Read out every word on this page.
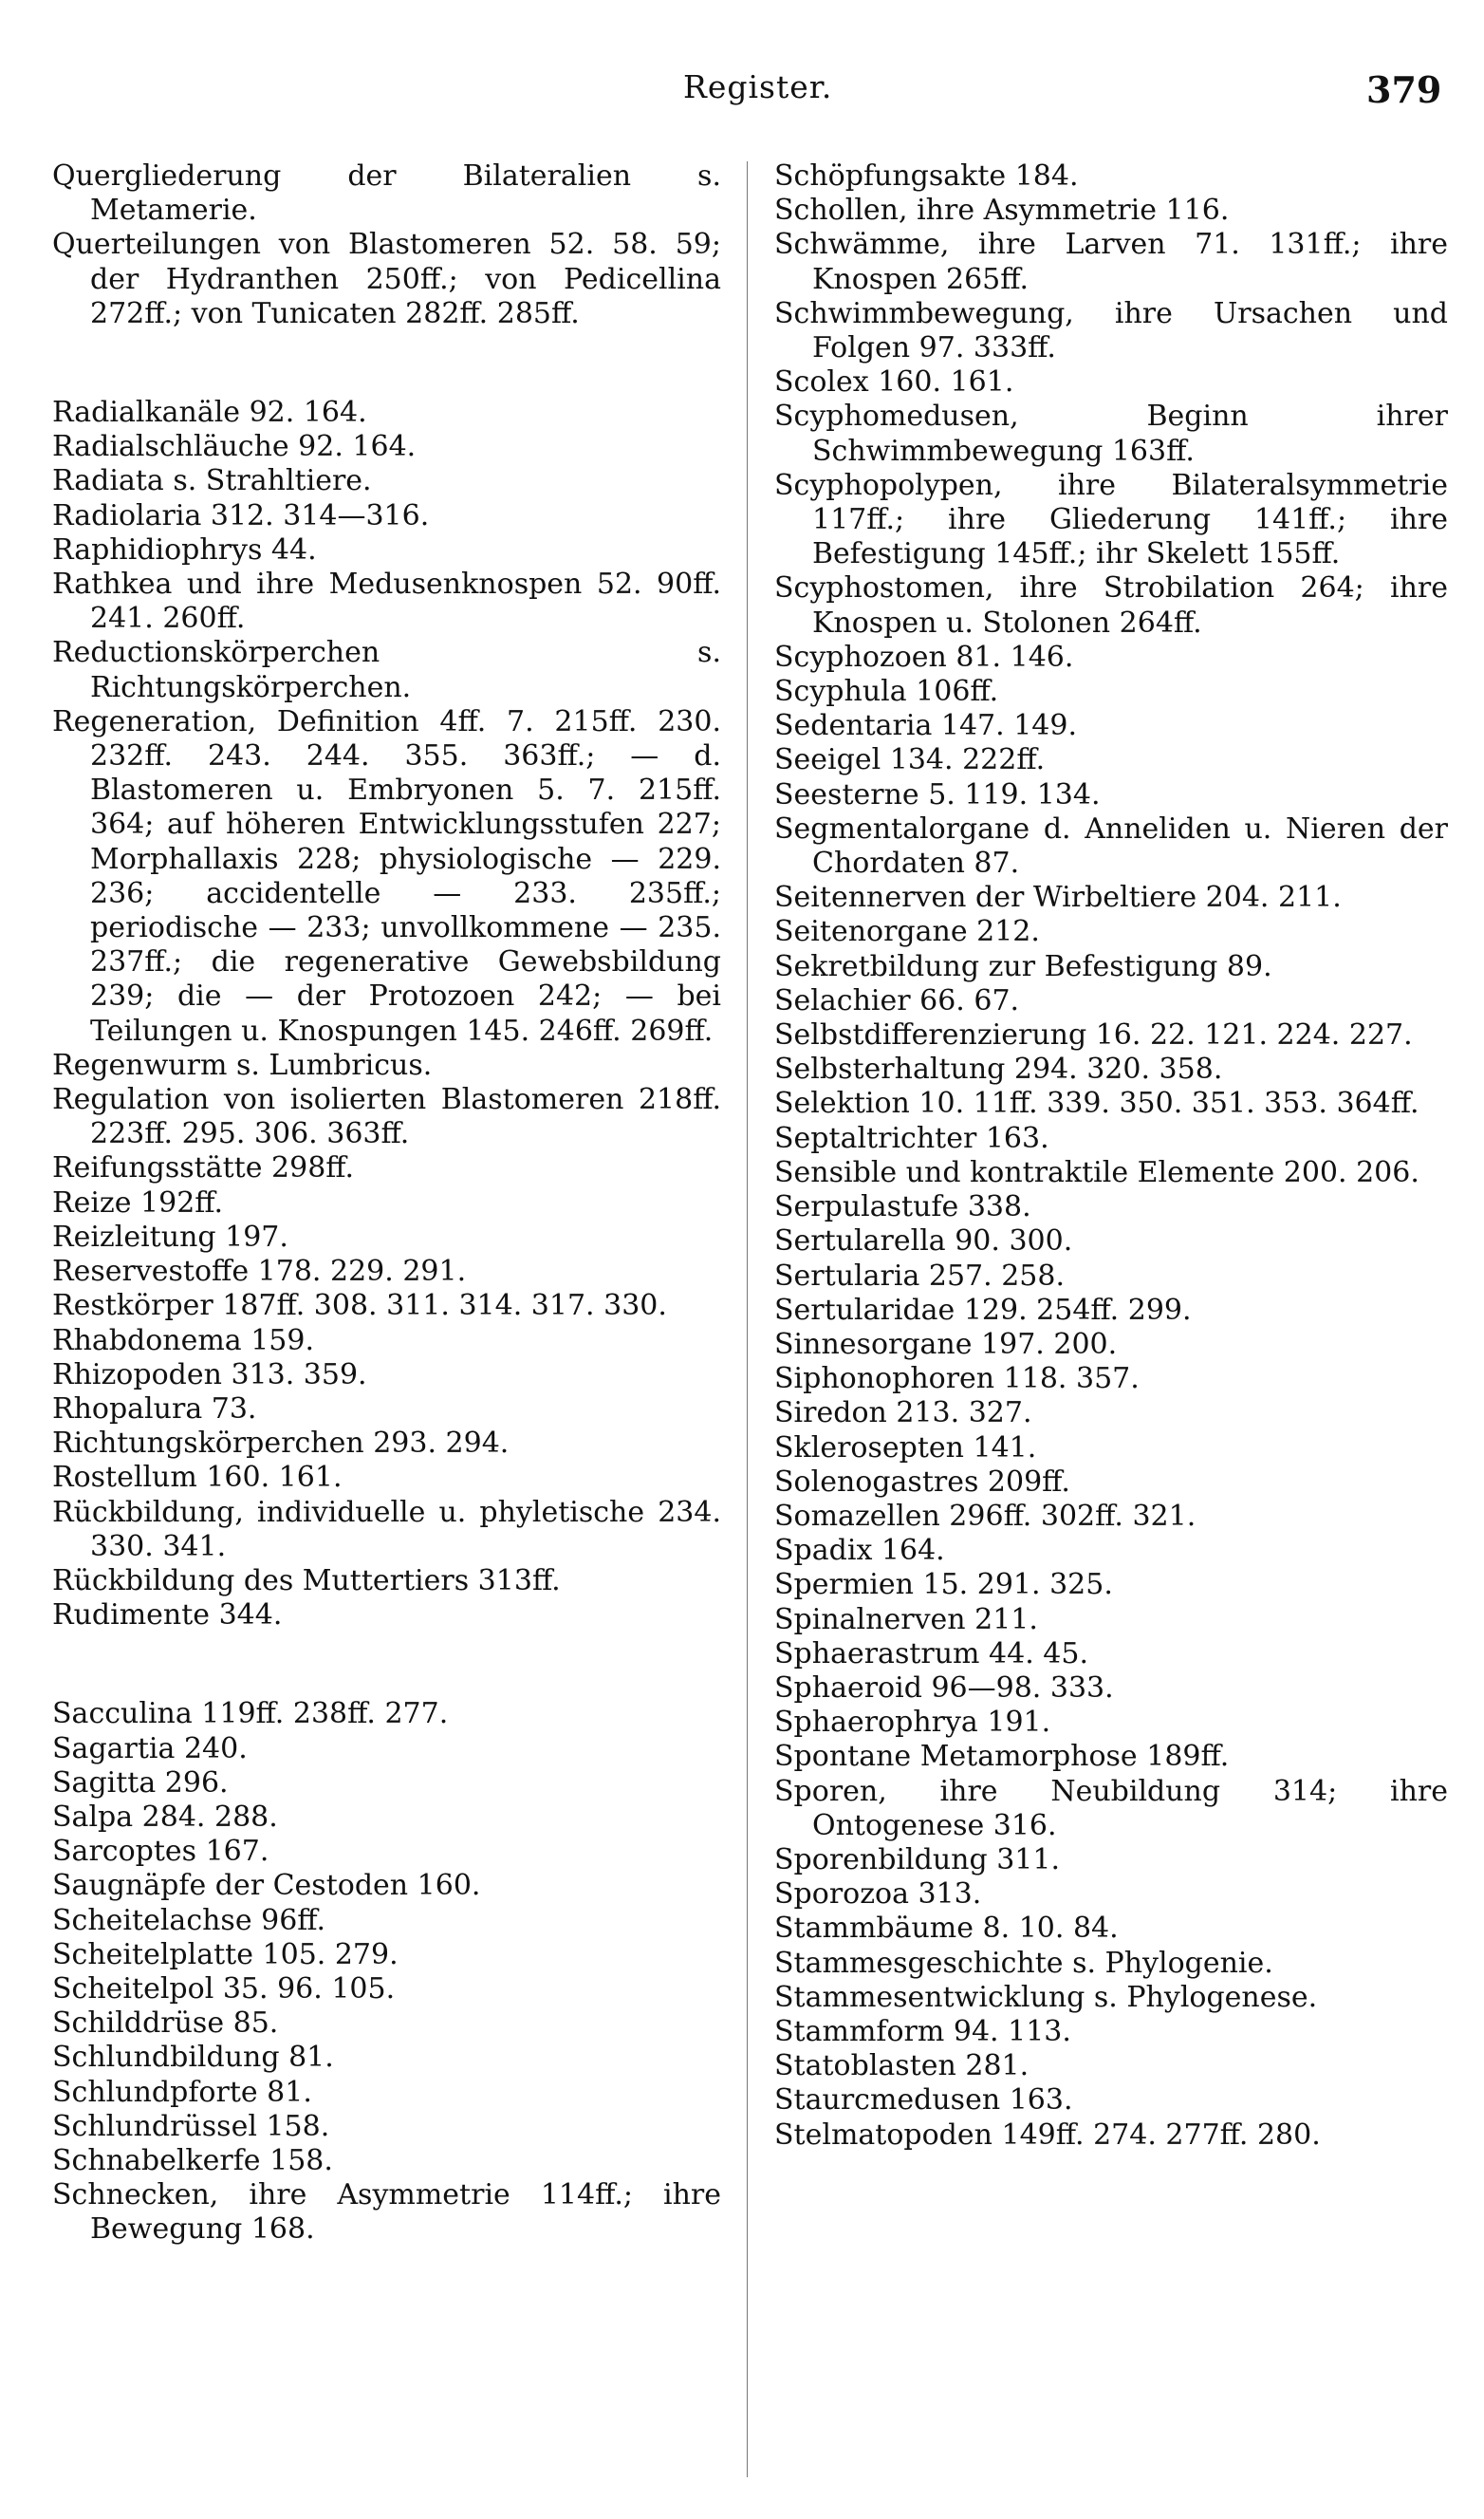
Register.	379

Quergliederung der Bilateralien s. Metamerie.

Querteilungen von Blastomeren 52. 58. 59; der Hydranthen 250ff.; von Pedicellina 272ff.; von Tunicaten 282ff. 285ff.

Radialkanäle 92. 164.

Radialschläuche 92. 164.

Radiata s. Strahltiere.

Radiolaria 312. 314—316.

Raphidiophrys 44.

Rathkea und ihre Medusenknospen 52. 90ff. 241. 260ff.

Reductionskörperchen s. Richtungskörperchen.

Regeneration, Definition 4ff. 7. 215ff. 230. 232ff. 243. 244. 355. 363ff.; — d. Blastomeren u. Embryonen 5. 7. 215ff. 364; auf höheren Entwicklungsstufen 227; Morphallaxis 228; physiologische — 229. 236; accidentelle — 233. 235ff.; periodische — 233; unvollkommene — 235. 237ff.; die regenerative Gewebsbildung 239; die — der Protozoen 242; — bei Teilungen u. Knospungen 145. 246ff. 269ff.

Regenwurm s. Lumbricus.

Regulation von isolierten Blastomeren 218ff. 223ff. 295. 306. 363ff.

Reifungsstätte 298ff.

Reize 192ff.

Reizleitung 197.

Reservestoffe 178. 229. 291.

Restkörper 187ff. 308. 311. 314. 317. 330.

Rhabdonema 159.

Rhizopoden 313. 359.

Rhopalura 73.

Richtungskörperchen 293. 294.

Rostellum 160. 161.

Rückbildung, individuelle u. phyletische 234. 330. 341.

Rückbildung des Muttertiers 313ff.

Rudimente 344.

Sacculina 119ff. 238ff. 277.

Sagartia 240.

Sagitta 296.

Salpa 284. 288.

Sarcoptes 167.

Saugnäpfe der Cestoden 160.

Scheitelachse 96ff.

Scheitelplatte 105. 279.

Scheitelpol 35. 96. 105.

Schilddrüse 85.

Schlundbildung 81.

Schlundpforte 81.

Schlundrüssel 158.

Schnabelkerfe 158.

Schnecken, ihre Asymmetrie 114ff.; ihre Bewegung 168.

Schöpfungsakte 184.

Schollen, ihre Asymmetrie 116.

Schwämme, ihre Larven 71. 131ff.; ihre Knospen 265ff.

Schwimmbewegung, ihre Ursachen und Folgen 97. 333ff.

Scolex 160. 161.

Scyphomedusen, Beginn ihrer Schwimmbewegung 163ff.

Scyphopolypen, ihre Bilateralsymmetrie 117ff.; ihre Gliederung 141ff.; ihre Befestigung 145ff.; ihr Skelett 155ff.

Scyphostomen, ihre Strobilation 264; ihre Knospen u. Stolonen 264ff.

Scyphozoen 81. 146.

Scyphula 106ff.

Sedentaria 147. 149.

Seeigel 134. 222ff.

Seesterne 5. 119. 134.

Segmentalorgane d. Anneliden u. Nieren der Chordaten 87.

Seitennerven der Wirbeltiere 204. 211.

Seitenorgane 212.

Sekretbildung zur Befestigung 89.

Selachier 66. 67.

Selbstdifferenzierung 16. 22. 121. 224. 227.

Selbsterhaltung 294. 320. 358.

Selektion 10. 11ff. 339. 350. 351. 353. 364ff.

Septaltrichter 163.

Sensible und kontraktile Elemente 200. 206.

Serpulastufe 338.

Sertularella 90. 300.

Sertularia 257. 258.

Sertularidae 129. 254ff. 299.

Sinnesorgane 197. 200.

Siphonophoren 118. 357.

Siredon 213. 327.

Sklerosepten 141.

Solenogastres 209ff.

Somazellen 296ff. 302ff. 321.

Spadix 164.

Spermien 15. 291. 325.

Spinalnerven 211.

Sphaerastrum 44. 45.

Sphaeroid 96—98. 333.

Sphaerophrya 191.

Spontane Metamorphose 189ff.

Sporen, ihre Neubildung 314; ihre Ontogenese 316.

Sporenbildung 311.

Sporozoa 313.

Stammbäume 8. 10. 84.

Stammesgeschichte s. Phylogenie.

Stammesentwicklung s. Phylogenese.

Stammform 94. 113.

Statoblasten 281.

Staurcmedusen 163.

Stelmatopoden 149ff. 274. 277ff. 280.
